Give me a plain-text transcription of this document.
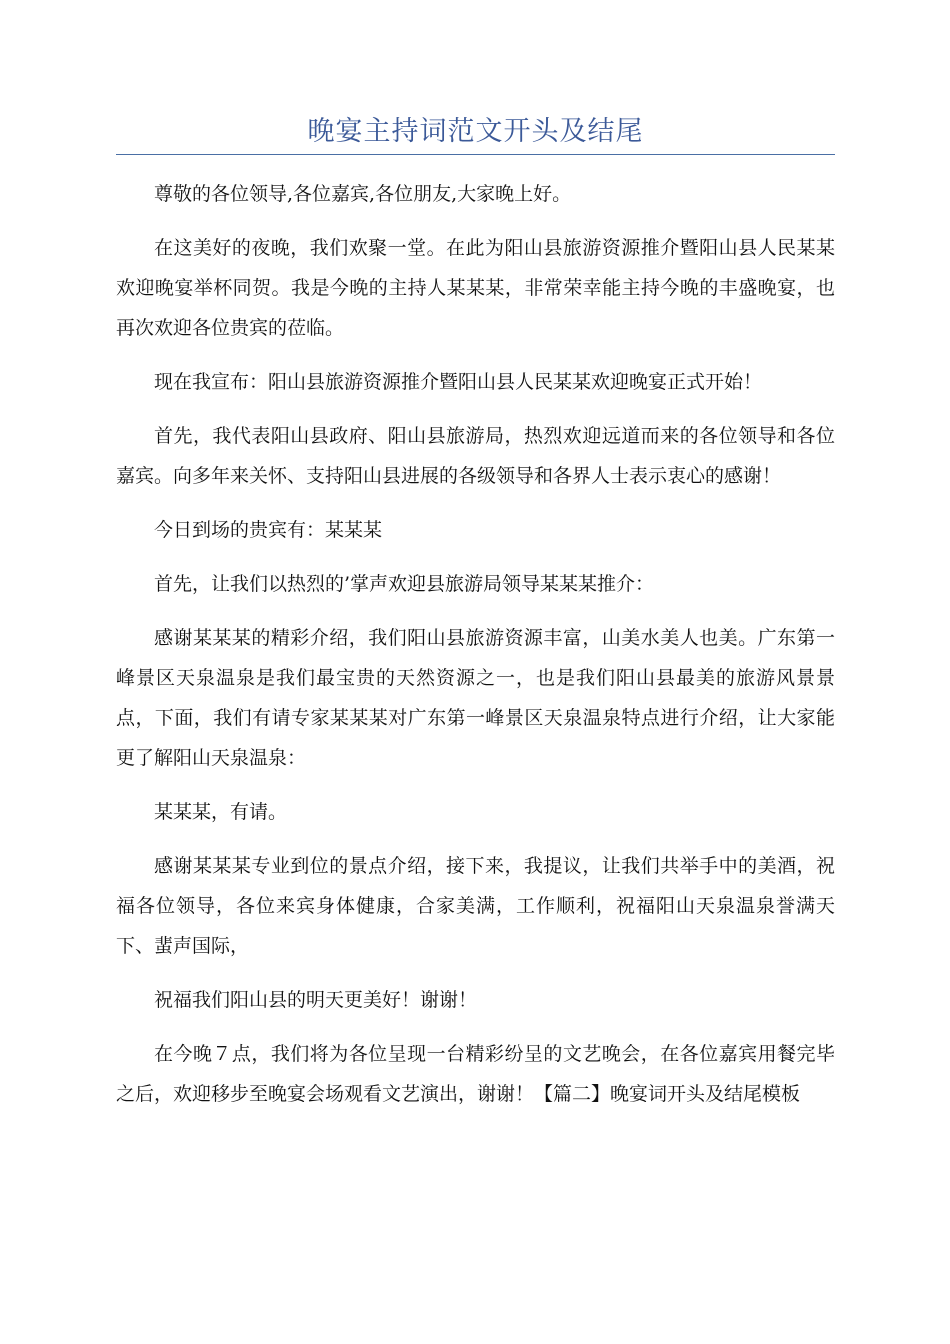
晚宴主持词范文开头及结尾

尊敬的各位领导,各位嘉宾,各位朋友,大家晚上好。

在这美好的夜晚，我们欢聚一堂。在此为阳山县旅游资源推介暨阳山县人民某某欢迎晚宴举杯同贺。我是今晚的主持人某某某，非常荣幸能主持今晚的丰盛晚宴，也再次欢迎各位贵宾的莅临。

现在我宣布：阳山县旅游资源推介暨阳山县人民某某欢迎晚宴正式开始！

首先，我代表阳山县政府、阳山县旅游局，热烈欢迎远道而来的各位领导和各位嘉宾。向多年来关怀、支持阳山县进展的各级领导和各界人士表示衷心的感谢！

今日到场的贵宾有：某某某

首先，让我们以热烈的’掌声欢迎县旅游局领导某某某推介：

感谢某某某的精彩介绍，我们阳山县旅游资源丰富，山美水美人也美。广东第一峰景区天泉温泉是我们最宝贵的天然资源之一，也是我们阳山县最美的旅游风景景点，下面，我们有请专家某某某对广东第一峰景区天泉温泉特点进行介绍，让大家能更了解阳山天泉温泉：

某某某，有请。

感谢某某某专业到位的景点介绍，接下来，我提议，让我们共举手中的美酒，祝福各位领导，各位来宾身体健康，合家美满，工作顺利，祝福阳山天泉温泉誉满天下、蜚声国际，

祝福我们阳山县的明天更美好！谢谢！

在今晚７点，我们将为各位呈现一台精彩纷呈的文艺晚会，在各位嘉宾用餐完毕之后，欢迎移步至晚宴会场观看文艺演出，谢谢！【篇二】晚宴词开头及结尾模板
